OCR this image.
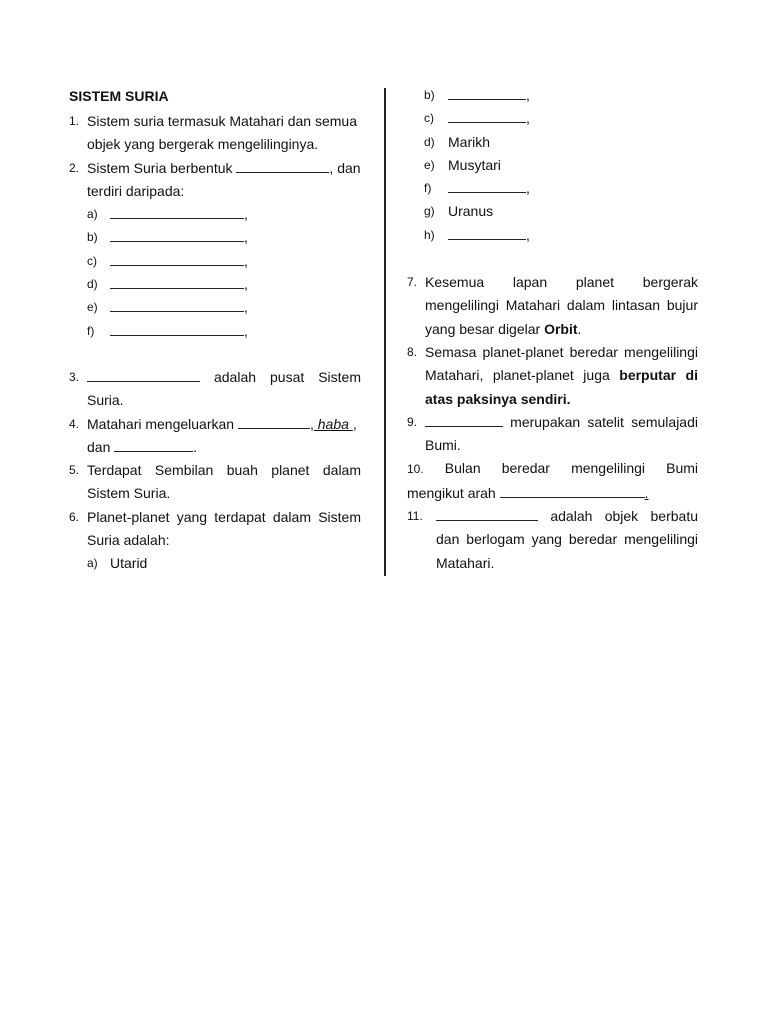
SISTEM SURIA
1. Sistem suria termasuk Matahari dan semua objek yang bergerak mengelilinginya.
2. Sistem Suria berbentuk	, dan
terdiri daripada:
a)	,
b)	,
c)	,
d)	,
e)	,
f)	,
3.	adalah pusat Sistem
Suria.
4. Matahari mengeluarkan	, haba ,
dan	.
5. Terdapat Sembilan buah planet dalam Sistem Suria.
6. Planet-planet yang terdapat dalam Sistem Suria adalah:
a) Utarid
b)	,
c)	,
d) Marikh
e) Musytari
f)	,
g) Uranus
h)	,
7. Kesemua lapan planet bergerak mengelilingi Matahari dalam lintasan bujur yang besar digelar Orbit.
8. Semasa planet-planet beredar mengelilingi Matahari, planet-planet juga berputar di atas paksinya sendiri.
9.	merupakan satelit semulajadi
Bumi.
10. Bulan beredar mengelilingi Bumi
mengikut arah	.
11.	adalah objek berbatu
dan berlogam yang beredar mengelilingi Matahari.
